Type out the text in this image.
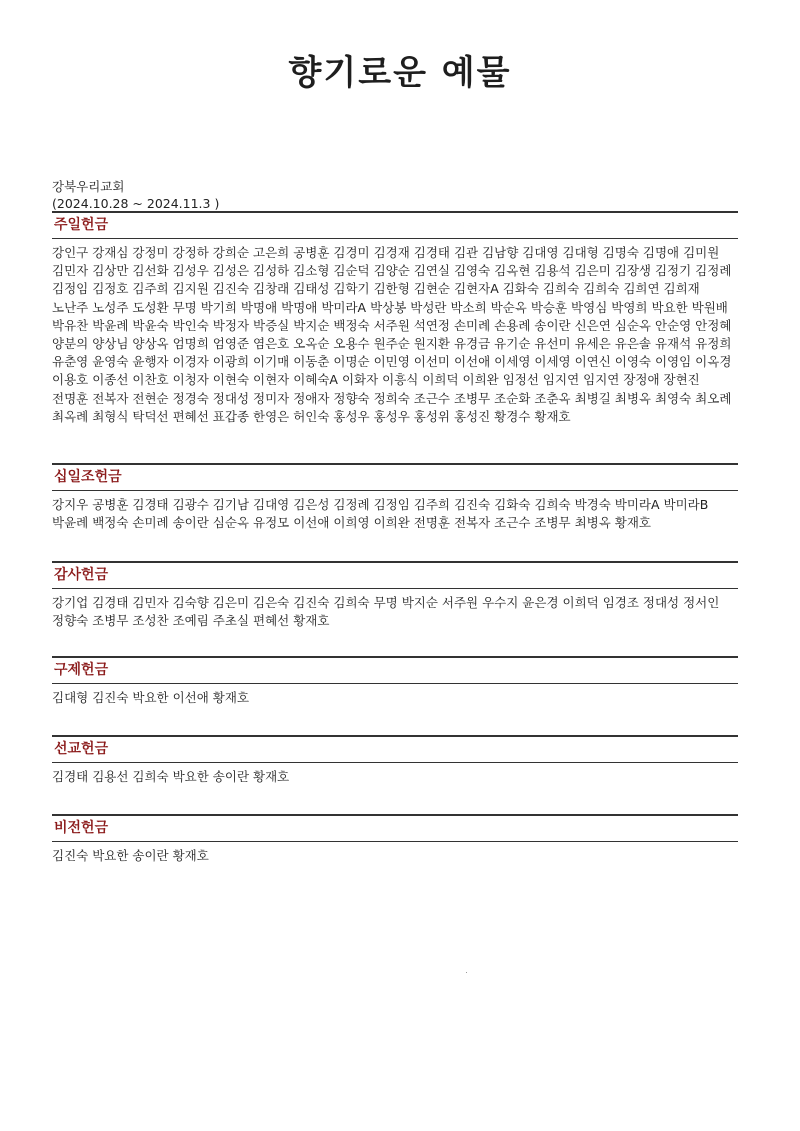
향기로운 예물
강북우리교회
(2024.10.28 ~ 2024.11.3 )
주일헌금
강인구 강재심 강정미 강정하 강희순 고은희 공병훈 김경미 김경재 김경태 김관 김남향 김대영 김대형 김명숙 김명애 김미원 김민자 김상만 김선화 김성우 김성은 김성하 김소형 김순덕 김양순 김연실 김영숙 김옥현 김용석 김은미 김장생 김정기 김정례 김정임 김정호 김주희 김지원 김진숙 김창래 김태성 김학기 김한형 김현순 김현자A 김화숙 김희숙 김희숙 김희연 김희재 노난주 노성주 도성환 무명 박기희 박명애 박명애 박미라A 박상봉 박성란 박소희 박순옥 박승훈 박영심 박영희 박요한 박원배 박유찬 박윤례 박윤숙 박인숙 박정자 박증실 박지순 백정숙 서주원 석연정 손미례 손용례 송이란 신은연 심순옥 안순영 안정혜 양분의 양상님 양상옥 엄명희 엄영준 염은호 오옥순 오용수 원주순 원지환 유경금 유기순 유선미 유세은 유은솔 유재석 유정희 유춘영 윤영숙 윤행자 이경자 이광희 이기매 이동춘 이명순 이민영 이선미 이선애 이세영 이세영 이연신 이영숙 이영임 이옥경 이용호 이종선 이찬호 이청자 이현숙 이현자 이혜숙A 이화자 이흥식 이희덕 이희완 임정선 임지연 임지연 장정애 장현진 전명훈 전복자 전현순 정경숙 정대성 정미자 정애자 정향숙 정희숙 조근수 조병무 조순화 조춘옥 최병길 최병옥 최영숙 최오례 최옥례 최형식 탁덕선 편혜선 표갑종 한영은 허인숙 홍성우 홍성우 홍성위 홍성진 황경수 황재호
십일조헌금
강지우 공병훈 김경태 김광수 김기남 김대영 김은성 김정례 김정임 김주희 김진숙 김화숙 김희숙 박경숙 박미라A 박미라B 박윤례 백정숙 손미례 송이란 심순옥 유정모 이선애 이희영 이희완 전명훈 전복자 조근수 조병무 최병옥 황재호
감사헌금
강기업 김경태 김민자 김숙향 김은미 김은숙 김진숙 김희숙 무명 박지순 서주원 우수지 윤은경 이희덕 임경조 정대성 정서인 정향숙 조병무 조성찬 조예림 주초실 편혜선 황재호
구제헌금
김대형 김진숙 박요한 이선애 황재호
선교헌금
김경태 김용선 김희숙 박요한 송이란 황재호
비전헌금
김진숙 박요한 송이란 황재호
